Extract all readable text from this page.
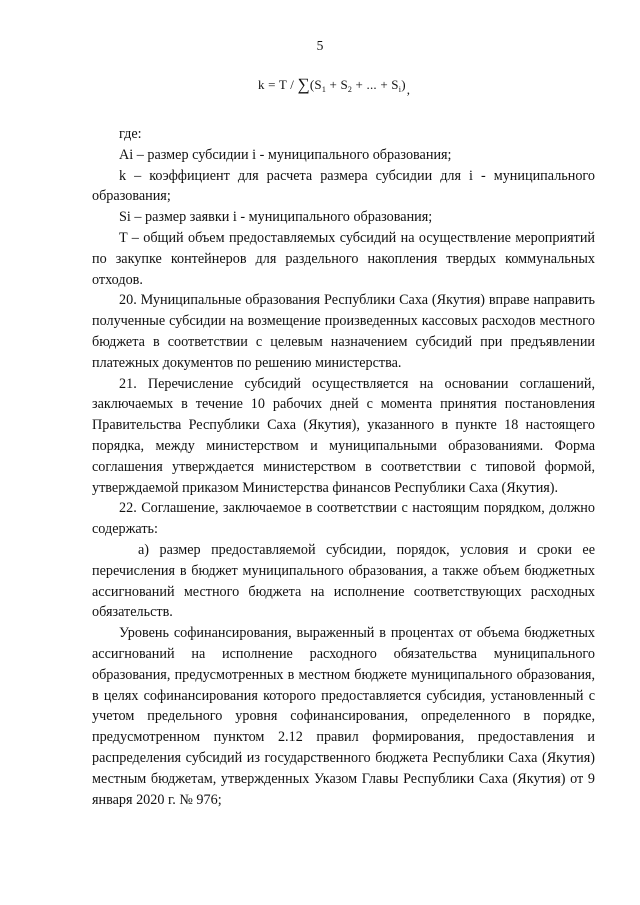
5
$k = T / \sum(S_1 + S_2$ + ... + $S_i$),

где:

Ai – размер субсидии i - муниципального образования;

k – коэффициент для расчета размера субсидии для i - муниципального образования;

Si – размер заявки i - муниципального образования;

T – общий объем предоставляемых субсидий на осуществление мероприятий по закупке контейнеров для раздельного накопления твердых коммунальных отходов.

20. Муниципальные образования Республики Саха (Якутия) вправе направить полученные субсидии на возмещение произведенных кассовых расходов местного бюджета в соответствии с целевым назначением субсидий при предъявлении платежных документов по решению министерства.

21. Перечисление субсидий осуществляется на основании соглашений, заключаемых в течение 10 рабочих дней с момента принятия постановления Правительства Республики Саха (Якутия), указанного в пункте 18 настоящего порядка, между министерством и муниципальными образованиями. Форма соглашения утверждается министерством в соответствии с типовой формой, утверждаемой приказом Министерства финансов Республики Саха (Якутия).

22. Соглашение, заключаемое в соответствии с настоящим порядком, должно содержать:

а) размер предоставляемой субсидии, порядок, условия и сроки ее перечисления в бюджет муниципального образования, а также объем бюджетных ассигнований местного бюджета на исполнение соответствующих расходных обязательств.

Уровень софинансирования, выраженный в процентах от объема бюджетных ассигнований на исполнение расходного обязательства муниципального образования, предусмотренных в местном бюджете муниципального образования, в целях софинансирования которого предоставляется субсидия, установленный с учетом предельного уровня софинансирования, определенного в порядке, предусмотренном пунктом 2.12 правил формирования, предоставления и распределения субсидий из государственного бюджета Республики Саха (Якутия) местным бюджетам, утвержденных Указом Главы Республики Саха (Якутия) от 9 января 2020 г. № 976;
